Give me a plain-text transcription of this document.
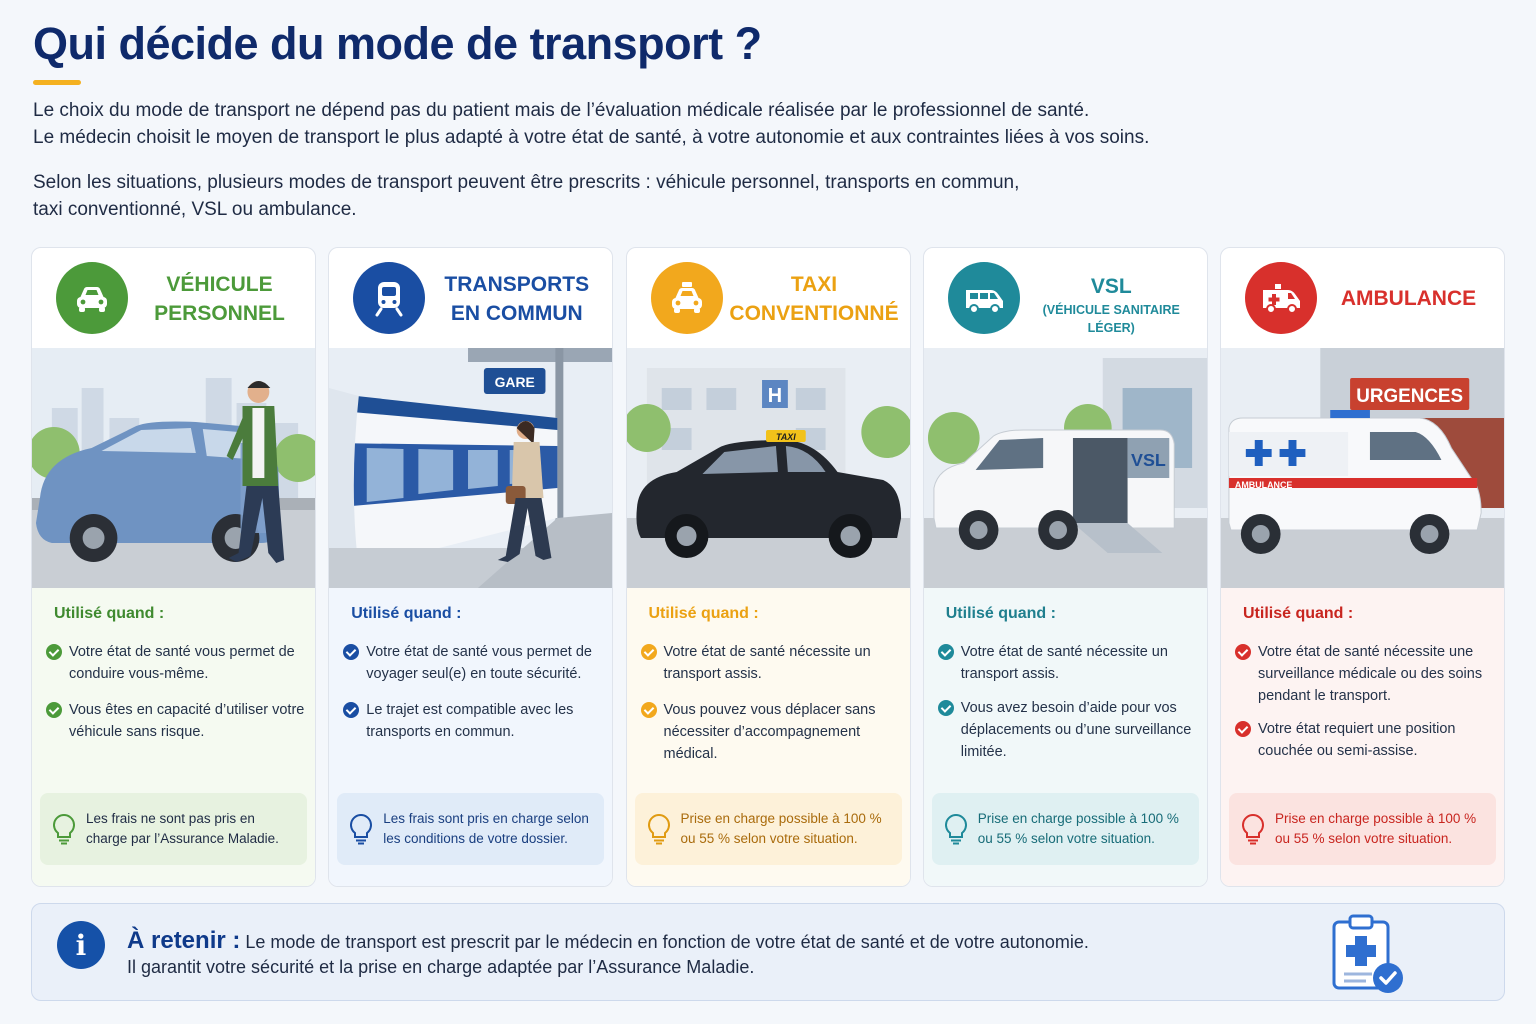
Qui décide du mode de transport ?
Le choix du mode de transport ne dépend pas du patient mais de l’évaluation médicale réalisée par le professionnel de santé.
Le médecin choisit le moyen de transport le plus adapté à votre état de santé, à votre autonomie et aux contraintes liées à vos soins.
Selon les situations, plusieurs modes de transport peuvent être prescrits : véhicule personnel, transports en commun,
taxi conventionné, VSL ou ambulance.
VÉHICULE
PERSONNEL
Utilisé quand :
Votre état de santé vous permet de conduire vous-même.
Vous êtes en capacité d’utiliser votre véhicule sans risque.
Les frais ne sont pas pris en charge par l’Assurance Maladie.
TRANSPORTS
EN COMMUN
GARE
Utilisé quand :
Votre état de santé vous permet de voyager seul(e) en toute sécurité.
Le trajet est compatible avec les transports en commun.
Les frais sont pris en charge selon les conditions de votre dossier.
TAXI
CONVENTIONNÉ
H
TAXI
Utilisé quand :
Votre état de santé nécessite un transport assis.
Vous pouvez vous déplacer sans nécessiter d’accompagnement médical.
Prise en charge possible à 100 % ou 55 % selon votre situation.
VSL
(VÉHICULE SANITAIRE LÉGER)
VSL
Utilisé quand :
Votre état de santé nécessite un transport assis.
Vous avez besoin d’aide pour vos déplacements ou d’une surveillance limitée.
Prise en charge possible à 100 % ou 55 % selon votre situation.
AMBULANCE
URGENCES
AMBULANCE
Utilisé quand :
Votre état de santé nécessite une surveillance médicale ou des soins pendant le transport.
Votre état requiert une position couchée ou semi-assise.
Prise en charge possible à 100 % ou 55 % selon votre situation.
i	À retenir : Le mode de transport est prescrit par le médecin en fonction de votre état de santé et de votre autonomie.
Il garantit votre sécurité et la prise en charge adaptée par l’Assurance Maladie.
